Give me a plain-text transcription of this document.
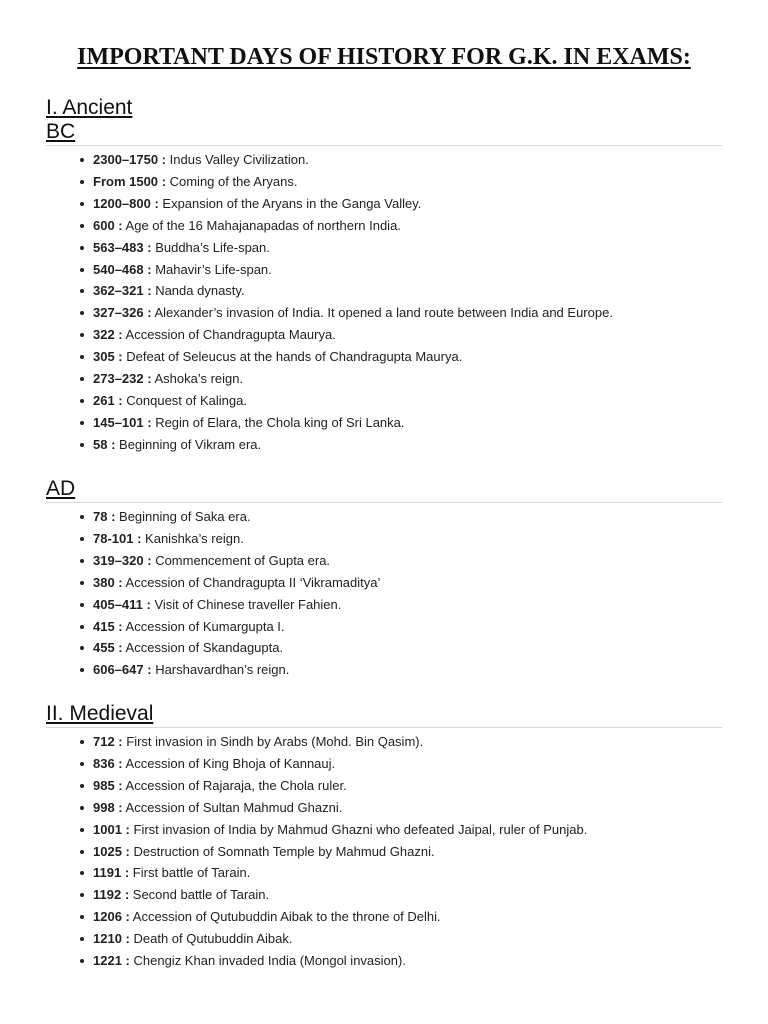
IMPORTANT DAYS OF HISTORY FOR G.K. IN EXAMS:
I. Ancient
BC
2300–1750 : Indus Valley Civilization.
From 1500 : Coming of the Aryans.
1200–800 : Expansion of the Aryans in the Ganga Valley.
600 : Age of the 16 Mahajanapadas of northern India.
563–483 : Buddha’s Life-span.
540–468 : Mahavir’s Life-span.
362–321 : Nanda dynasty.
327–326 : Alexander’s invasion of India. It opened a land route between India and Europe.
322 : Accession of Chandragupta Maurya.
305 : Defeat of Seleucus at the hands of Chandragupta Maurya.
273–232 : Ashoka’s reign.
261 : Conquest of Kalinga.
145–101 : Regin of Elara, the Chola king of Sri Lanka.
58 : Beginning of Vikram era.
AD
78 : Beginning of Saka era.
78-101 : Kanishka’s reign.
319–320 : Commencement of Gupta era.
380 : Accession of Chandragupta II ‘Vikramaditya’
405–411 : Visit of Chinese traveller Fahien.
415 : Accession of Kumargupta I.
455 : Accession of Skandagupta.
606–647 : Harshavardhan’s reign.
II. Medieval
712 : First invasion in Sindh by Arabs (Mohd. Bin Qasim).
836 : Accession of King Bhoja of Kannauj.
985 : Accession of Rajaraja, the Chola ruler.
998 : Accession of Sultan Mahmud Ghazni.
1001 : First invasion of India by Mahmud Ghazni who defeated Jaipal, ruler of Punjab.
1025 : Destruction of Somnath Temple by Mahmud Ghazni.
1191 : First battle of Tarain.
1192 : Second battle of Tarain.
1206 : Accession of Qutubuddin Aibak to the throne of Delhi.
1210 : Death of Qutubuddin Aibak.
1221 : Chengiz Khan invaded India (Mongol invasion).
